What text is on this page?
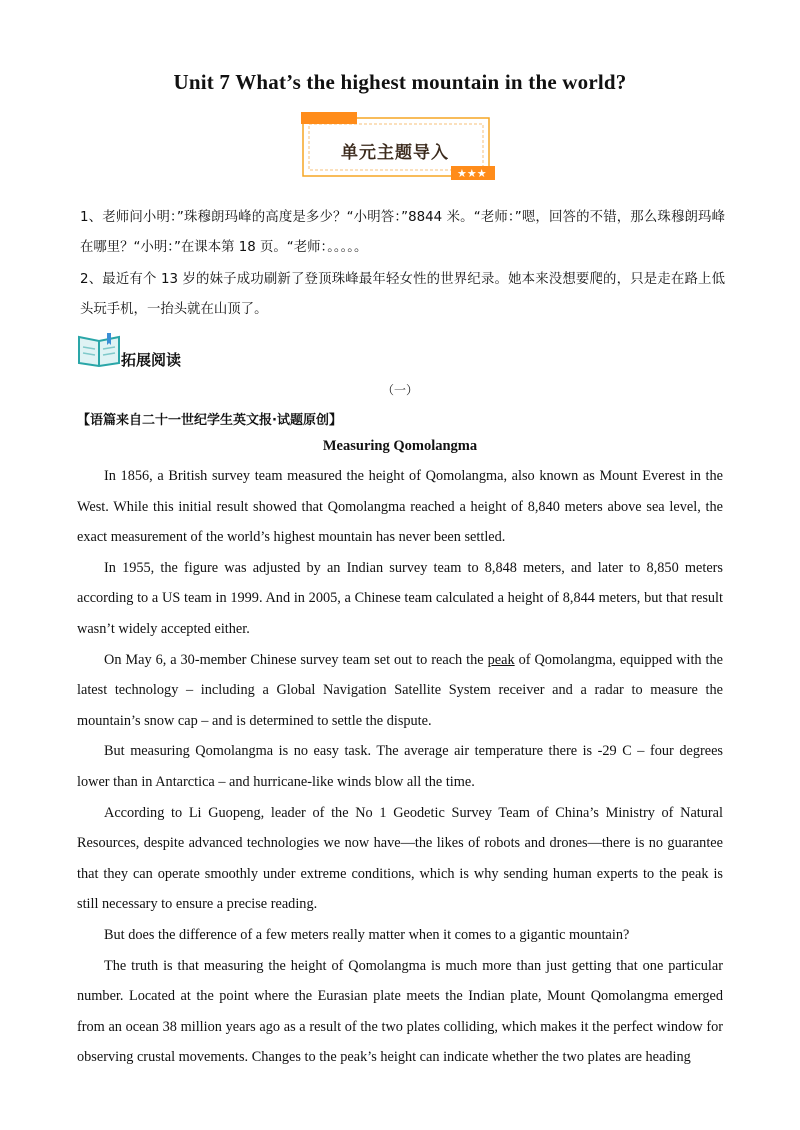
Unit 7 What’s the highest mountain in the world?
★★★
单元主题导入
1、老师问小明：”珠穆朗玛峰的高度是多少？“小明答：”8844 米。“老师：”嗯，回答的不错，那么珠穆朗玛峰在哪里？“小明：”在课本第 18 页。“老师：。。。。。
2、最近有个 13 岁的妹子成功刷新了登顶珠峰最年轻女性的世界纪录。她本来没想要爬的，只是走在路上低头玩手机，一抬头就在山顶了。
拓展阅读
（一）
【语篇来自二十一世纪学生英文报·试题原创】
Measuring Qomolangma

In 1856, a British survey team measured the height of Qomolangma, also known as Mount Everest in the West. While this initial result showed that Qomolangma reached a height of 8,840 meters above sea level, the exact measurement of the world’s highest mountain has never been settled.

In 1955, the figure was adjusted by an Indian survey team to 8,848 meters, and later to 8,850 meters according to a US team in 1999. And in 2005, a Chinese team calculated a height of 8,844 meters, but that result wasn’t widely accepted either.

On May 6, a 30-member Chinese survey team set out to reach the peak of Qomolangma, equipped with the latest technology – including a Global Navigation Satellite System receiver and a radar to measure the mountain’s snow cap – and is determined to settle the dispute.

But measuring Qomolangma is no easy task. The average air temperature there is -29 C – four degrees lower than in Antarctica – and hurricane-like winds blow all the time.

According to Li Guopeng, leader of the No 1 Geodetic Survey Team of China’s Ministry of Natural Resources, despite advanced technologies we now have—the likes of robots and drones—there is no guarantee that they can operate smoothly under extreme conditions, which is why sending human experts to the peak is still necessary to ensure a precise reading.

But does the difference of a few meters really matter when it comes to a gigantic mountain?

The truth is that measuring the height of Qomolangma is much more than just getting that one particular number. Located at the point where the Eurasian plate meets the Indian plate, Mount Qomolangma emerged from an ocean 38 million years ago as a result of the two plates colliding, which makes it the perfect window for observing crustal movements. Changes to the peak’s height can indicate whether the two plates are heading
